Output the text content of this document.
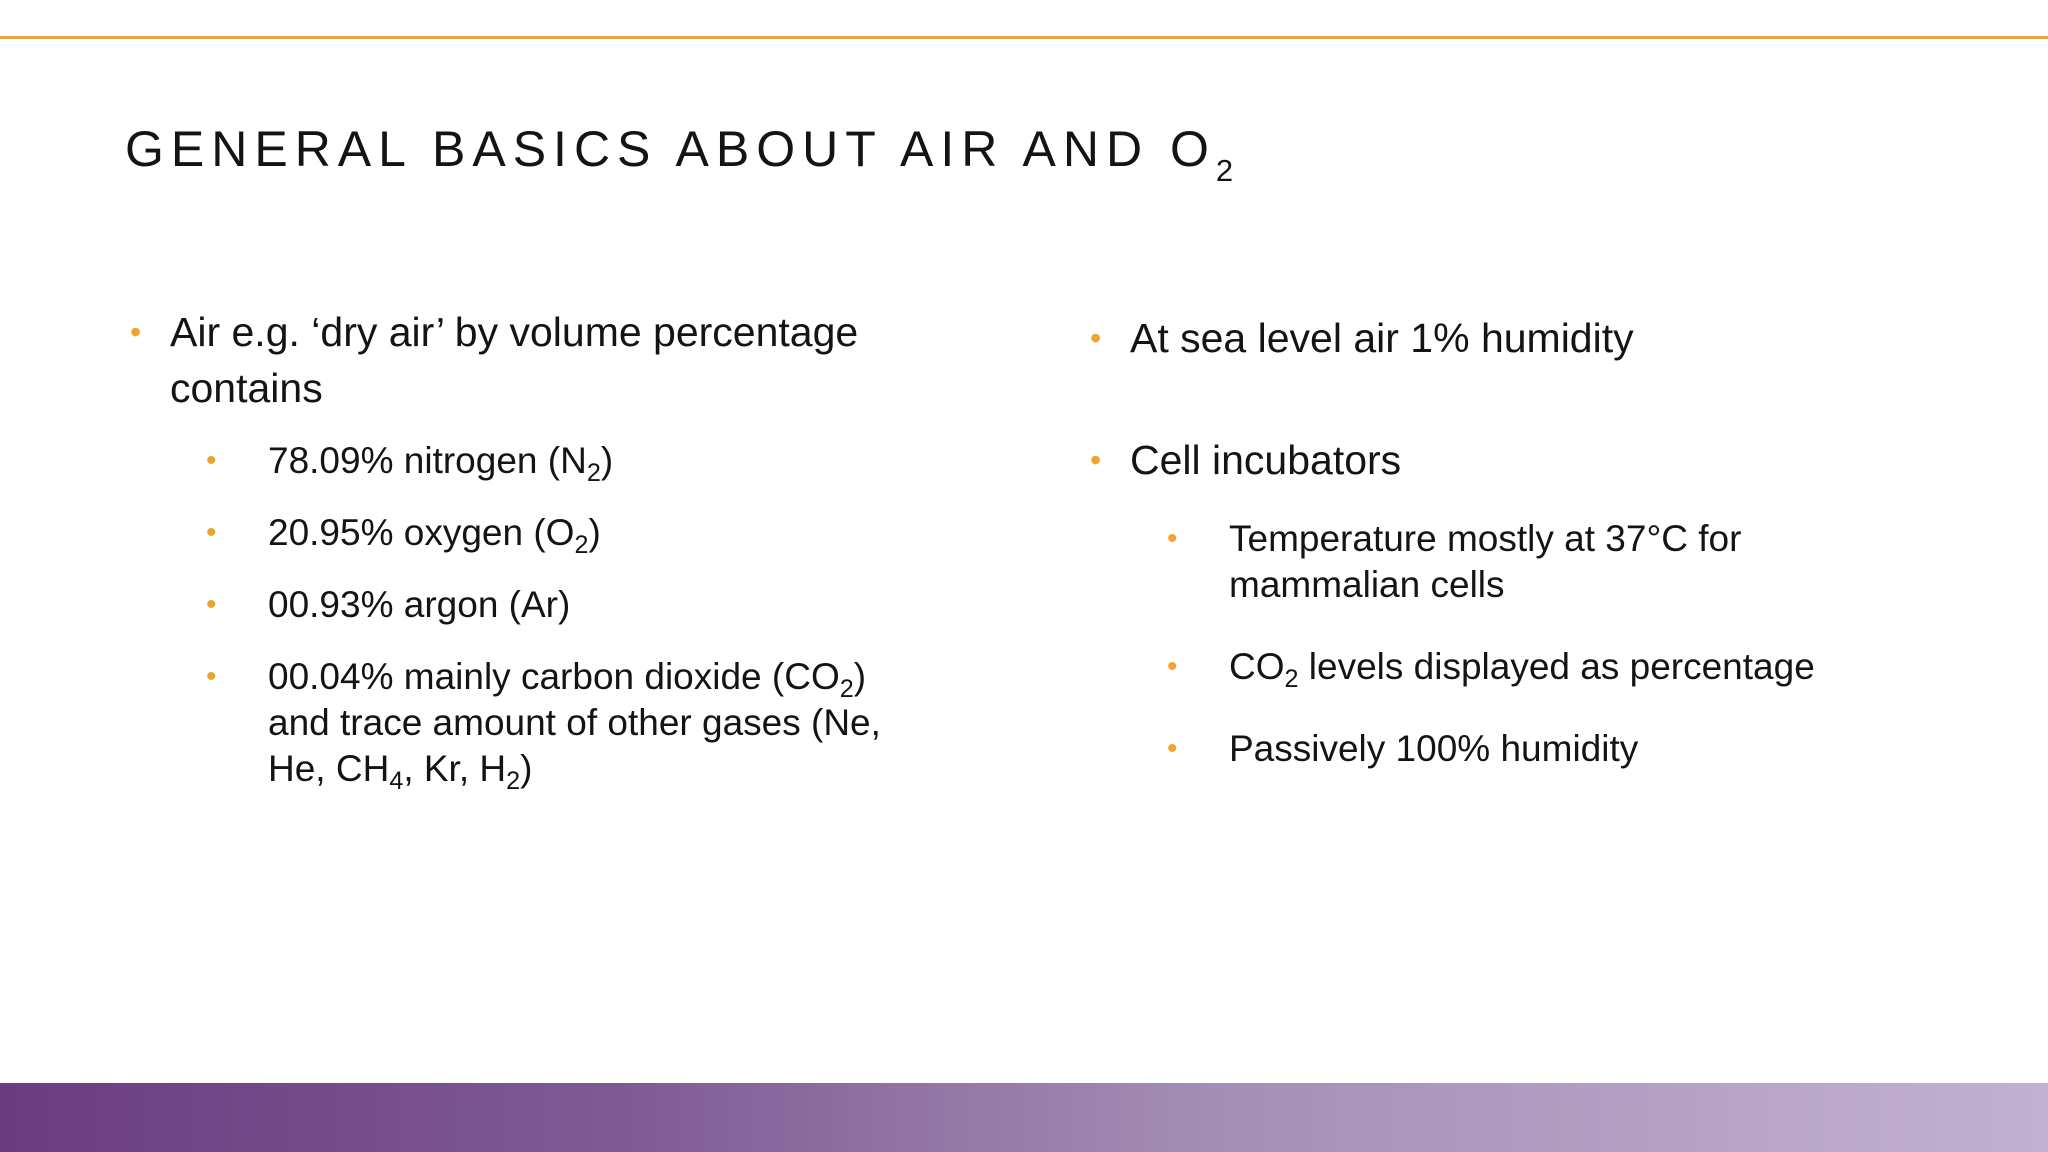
GENERAL BASICS ABOUT AIR AND $O_2$
• Air e.g. ‘dry air’ by volume percentage
contains
• 78.09% nitrogen $(N_2)$
• 20.95% oxygen $(O_2)$
• 00.93% argon (Ar)
• 00.04% mainly carbon dioxide $(CO_2)$
and trace amount of other gases (Ne,
He, $CH_4$, Kr, $H_2$)
• At sea level air 1% humidity
• Cell incubators
• Temperature mostly at 37°C for
mammalian cells
• $CO_2$ levels displayed as percentage
• Passively 100% humidity
